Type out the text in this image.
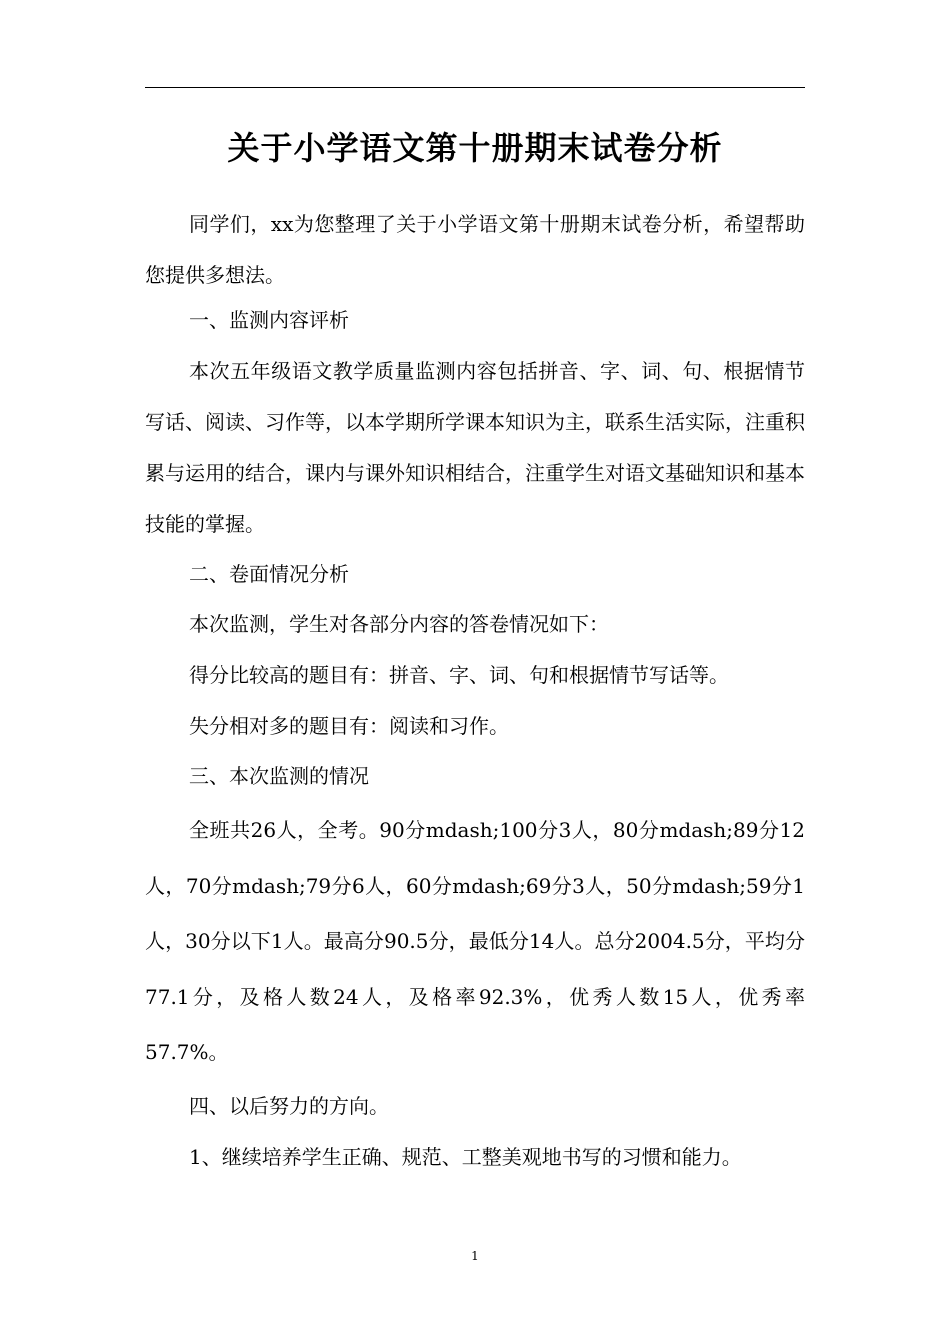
关于小学语文第十册期末试卷分析

同学们，xx为您整理了关于小学语文第十册期末试卷分析，希望帮助您提供多想法。

一、监测内容评析

本次五年级语文教学质量监测内容包括拼音、字、词、句、根据情节写话、阅读、习作等，以本学期所学课本知识为主，联系生活实际，注重积累与运用的结合，课内与课外知识相结合，注重学生对语文基础知识和基本技能的掌握。

二、卷面情况分析

本次监测，学生对各部分内容的答卷情况如下：

得分比较高的题目有：拼音、字、词、句和根据情节写话等。

失分相对多的题目有：阅读和习作。

三、本次监测的情况

全班共26人，全考。90分mdash;100分3人，80分mdash;89分12人，70分mdash;79分6人，60分mdash;69分3人，50分mdash;59分1人，30分以下1人。最高分90.5分，最低分14人。总分2004.5分，平均分77.1分，及格人数24人，及格率92.3%，优秀人数15人，优秀率57.7%。

四、以后努力的方向。

1、继续培养学生正确、规范、工整美观地书写的习惯和能力。

1
